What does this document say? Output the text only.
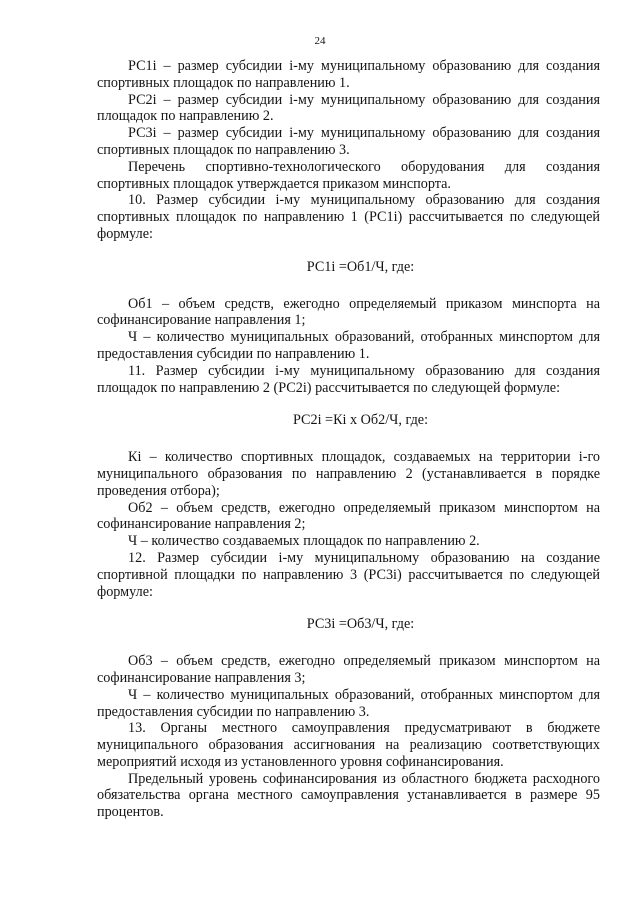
24

РС1i – размер субсидии i-му муниципальному образованию для создания спортивных площадок по направлению 1.

РС2i – размер субсидии i-му муниципальному образованию для создания площадок по направлению 2.

РС3i – размер субсидии i-му муниципальному образованию для создания спортивных площадок по направлению 3.

Перечень спортивно-технологического оборудования для создания спортивных площадок утверждается приказом минспорта.

10. Размер субсидии i-му муниципальному образованию для создания спортивных площадок по направлению 1 (РС1i) рассчитывается по следующей формуле:

РС1i =Об1/Ч, где:

Об1 – объем средств, ежегодно определяемый приказом минспорта на софинансирование направления 1;

Ч – количество муниципальных образований, отобранных минспортом для предоставления субсидии по направлению 1.

11. Размер субсидии i-му муниципальному образованию для создания площадок по направлению 2 (РС2i) рассчитывается по следующей формуле:

РС2i =Кi х Об2/Ч, где:

Кi – количество спортивных площадок, создаваемых на территории i-го муниципального образования по направлению 2 (устанавливается в порядке проведения отбора);

Об2 – объем средств, ежегодно определяемый приказом минспортом на софинансирование направления 2;

Ч – количество создаваемых площадок по направлению 2.

12. Размер субсидии i-му муниципальному образованию на создание спортивной площадки по направлению 3 (РС3i) рассчитывается по следующей формуле:

РС3i =Об3/Ч, где:

Об3 – объем средств, ежегодно определяемый приказом минспортом на софинансирование направления 3;

Ч – количество муниципальных образований, отобранных минспортом для предоставления субсидии по направлению 3.

13. Органы местного самоуправления предусматривают в бюджете муниципального образования ассигнования на реализацию соответствующих мероприятий исходя из установленного уровня софинансирования.

Предельный уровень софинансирования из областного бюджета расходного обязательства органа местного самоуправления устанавливается в размере 95 процентов.
